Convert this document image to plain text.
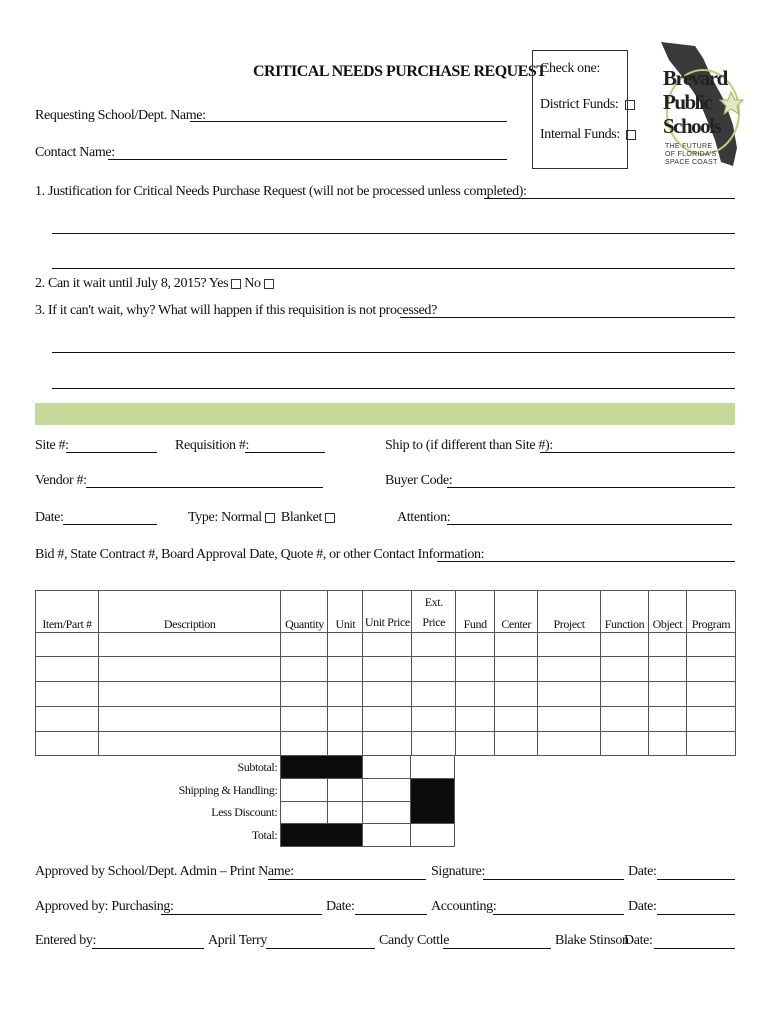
CRITICAL NEEDS PURCHASE REQUEST
Requesting School/Dept. Name:
Contact Name:
Check one:
District Funds:
Internal Funds:
Brevard
Public
Schools
THE FUTURE
OF FLORIDA'S
SPACE COAST
1. Justification for Critical Needs Purchase Request (will not be processed unless completed):
2. Can it wait until July 8, 2015? Yes No
3. If it can't wait, why? What will happen if this requisition is not processed?
Site #:	Requisition #:	Ship to (if different than Site #):
Vendor #:	Buyer Code:
Date:	Type: Normal Blanket	Attention:
Bid #, State Contract #, Board Approval Date, Quote #, or other Contact Information:
Item/Part #	Description	Quantity	Unit	Unit Price	Ext. Price	Fund	Center	Project	Function	Object	Program

Subtotal:				
Shipping & Handling:				
Less Discount:				
Total:				
Approved by School/Dept. Admin – Print Name:	Signature:	Date:
Approved by: Purchasing:	Date:	Accounting:	Date:
Entered by:	April Terry	Candy Cottle	Blake Stinson
Date:
